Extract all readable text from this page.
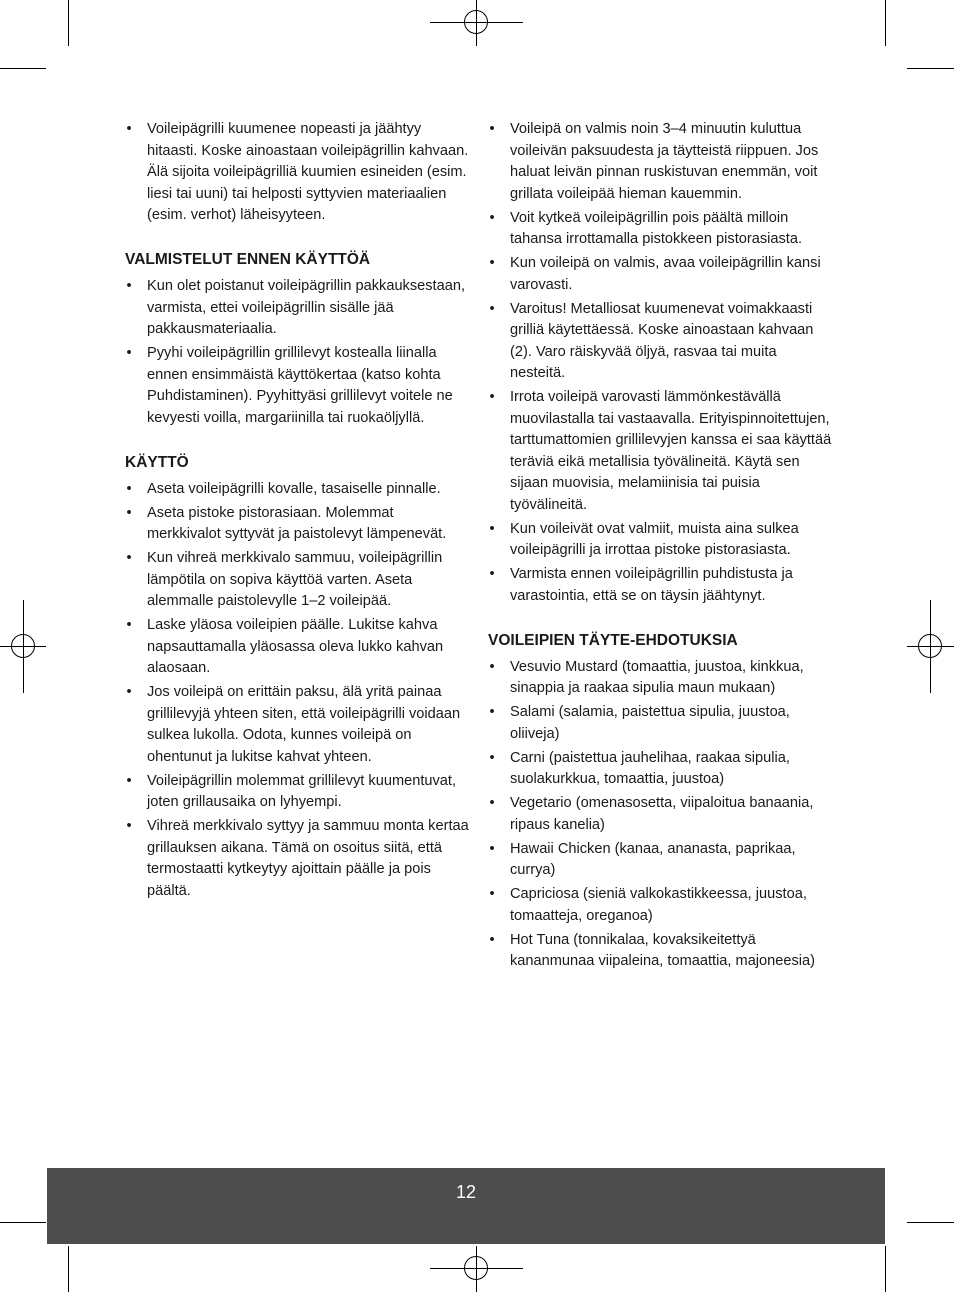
• Voileipägrilli kuumenee nopeasti ja jäähtyy hitaasti. Koske ainoastaan voileipägrillin kahvaan. Älä sijoita voileipägrilliä kuumien esineiden (esim. liesi tai uuni) tai helposti syttyvien materiaalien (esim. verhot) läheisyyteen.
VALMISTELUT ENNEN KÄYTTÖÄ
• Kun olet poistanut voileipägrillin pakkauksestaan, varmista, ettei voileipägrillin sisälle jää pakkausmateriaalia.
• Pyyhi voileipägrillin grillilevyt kostealla liinalla ennen ensimmäistä käyttökertaa (katso kohta Puhdistaminen). Pyyhittyäsi grillilevyt voitele ne kevyesti voilla, margariinilla tai ruokaöljyllä.
KÄYTTÖ
• Aseta voileipägrilli kovalle, tasaiselle pinnalle.
• Aseta pistoke pistorasiaan. Molemmat merkkivalot syttyvät ja paistolevyt lämpenevät.
• Kun vihreä merkkivalo sammuu, voileipägrillin lämpötila on sopiva käyttöä varten. Aseta alemmalle paistolevylle 1–2 voileipää.
• Laske yläosa voileipien päälle. Lukitse kahva napsauttamalla yläosassa oleva lukko kahvan alaosaan.
• Jos voileipä on erittäin paksu, älä yritä painaa grillilevyjä yhteen siten, että voileipägrilli voidaan sulkea lukolla. Odota, kunnes voileipä on ohentunut ja lukitse kahvat yhteen.
• Voileipägrillin molemmat grillilevyt kuumentuvat, joten grillausaika on lyhyempi.
• Vihreä merkkivalo syttyy ja sammuu monta kertaa grillauksen aikana. Tämä on osoitus siitä, että termostaatti kytkeytyy ajoittain päälle ja pois päältä.
• Voileipä on valmis noin 3–4 minuutin kuluttua voileivän paksuudesta ja täytteistä riippuen. Jos haluat leivän pinnan ruskistuvan enemmän, voit grillata voileipää hieman kauemmin.
• Voit kytkeä voileipägrillin pois päältä milloin tahansa irrottamalla pistokkeen pistorasiasta.
• Kun voileipä on valmis, avaa voileipägrillin kansi varovasti.
• Varoitus! Metalliosat kuumenevat voimakkaasti grilliä käytettäessä. Koske ainoastaan kahvaan (2). Varo räiskyvää öljyä, rasvaa tai muita nesteitä.
• Irrota voileipä varovasti lämmönkestävällä muovilastalla tai vastaavalla. Erityispinnoitettujen, tarttumattomien grillilevyjen kanssa ei saa käyttää teräviä eikä metallisia työvälineitä. Käytä sen sijaan muovisia, melamiinisia tai puisia työvälineitä.
• Kun voileivät ovat valmiit, muista aina sulkea voileipägrilli ja irrottaa pistoke pistorasiasta.
• Varmista ennen voileipägrillin puhdistusta ja varastointia, että se on täysin jäähtynyt.
VOILEIPIEN TÄYTE-EHDOTUKSIA
• Vesuvio Mustard (tomaattia, juustoa, kinkkua, sinappia ja raakaa sipulia maun mukaan)
• Salami (salamia, paistettua sipulia, juustoa, oliiveja)
• Carni (paistettua jauhelihaa, raakaa sipulia, suolakurkkua, tomaattia, juustoa)
• Vegetario (omenasosetta, viipaloitua banaania, ripaus kanelia)
• Hawaii Chicken (kanaa, ananasta, paprikaa, currya)
• Capriciosa (sieniä valkokastikkeessa, juustoa, tomaatteja, oreganoa)
• Hot Tuna (tonnikalaa, kovaksikeitettyä kananmunaa viipaleina, tomaattia, majoneesia)
12
